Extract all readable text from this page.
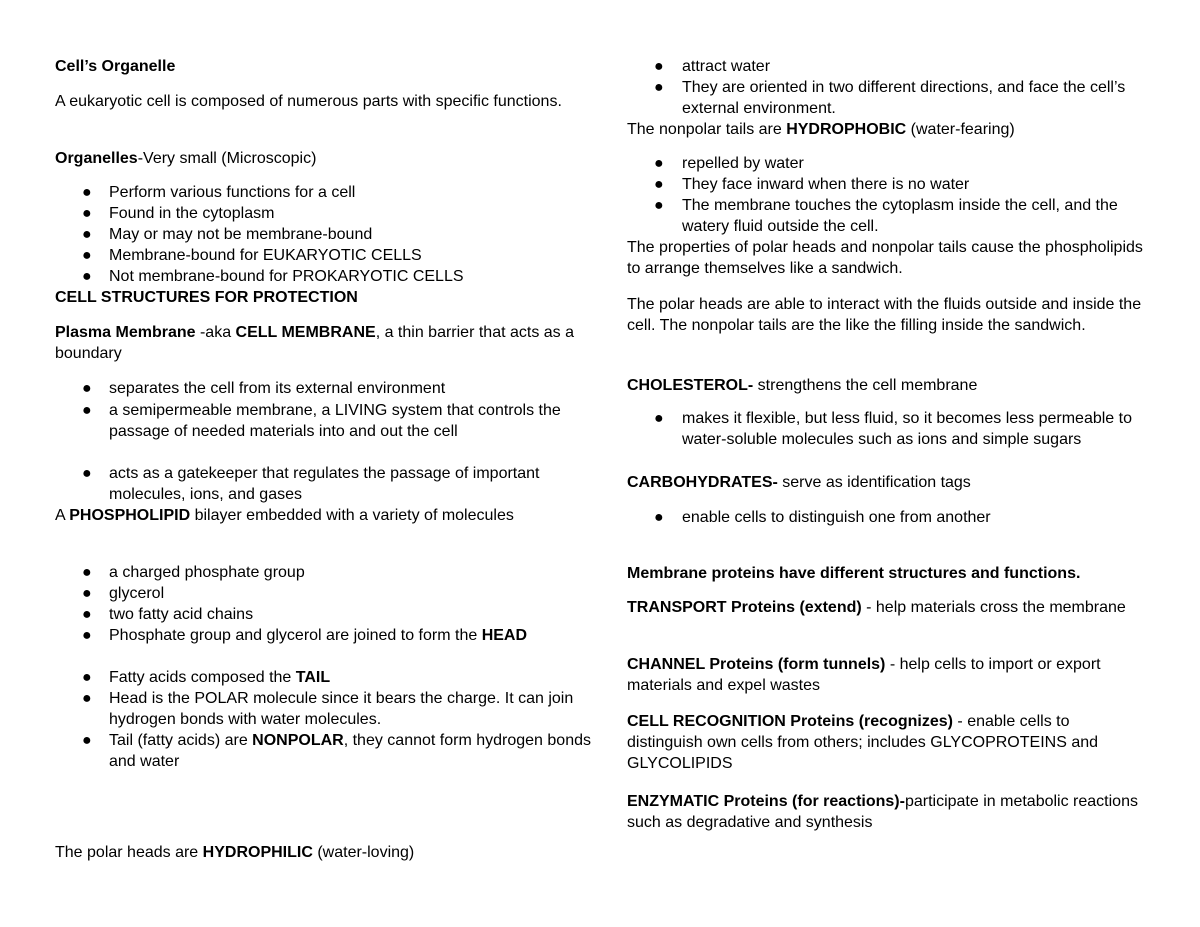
Cell’s Organelle
A eukaryotic cell is composed of numerous parts with specific functions.
Organelles-Very small (Microscopic)
● Perform various functions for a cell
● Found in the cytoplasm
● May or may not be membrane-bound
● Membrane-bound for EUKARYOTIC CELLS
● Not membrane-bound for PROKARYOTIC CELLS
CELL STRUCTURES FOR PROTECTION
Plasma Membrane -aka CELL MEMBRANE, a thin barrier that acts as a boundary
● separates the cell from its external environment
● a semipermeable membrane, a LIVING system that controls the passage of needed materials into and out the cell
● acts as a gatekeeper that regulates the passage of important molecules, ions, and gases
A PHOSPHOLIPID bilayer embedded with a variety of molecules
● a charged phosphate group
● glycerol
● two fatty acid chains
● Phosphate group and glycerol are joined to form the HEAD
● Fatty acids composed the TAIL
● Head is the POLAR molecule since it bears the charge. It can join hydrogen bonds with water molecules.
● Tail (fatty acids) are NONPOLAR, they cannot form hydrogen bonds and water
The polar heads are HYDROPHILIC (water-loving)
● attract water
● They are oriented in two different directions, and face the cell’s external environment.
The nonpolar tails are HYDROPHOBIC (water-fearing)
● repelled by water
● They face inward when there is no water
● The membrane touches the cytoplasm inside the cell, and the watery fluid outside the cell.
The properties of polar heads and nonpolar tails cause the phospholipids to arrange themselves like a sandwich.
The polar heads are able to interact with the fluids outside and inside the cell. The nonpolar tails are the like the filling inside the sandwich.
CHOLESTEROL- strengthens the cell membrane
● makes it flexible, but less fluid, so it becomes less permeable to water-soluble molecules such as ions and simple sugars
CARBOHYDRATES- serve as identification tags
● enable cells to distinguish one from another
Membrane proteins have different structures and functions.
TRANSPORT Proteins (extend) - help materials cross the membrane
CHANNEL Proteins (form tunnels) - help cells to import or export materials and expel wastes
CELL RECOGNITION Proteins (recognizes) - enable cells to distinguish own cells from others; includes GLYCOPROTEINS and GLYCOLIPIDS
ENZYMATIC Proteins (for reactions)-participate in metabolic reactions such as degradative and synthesis
